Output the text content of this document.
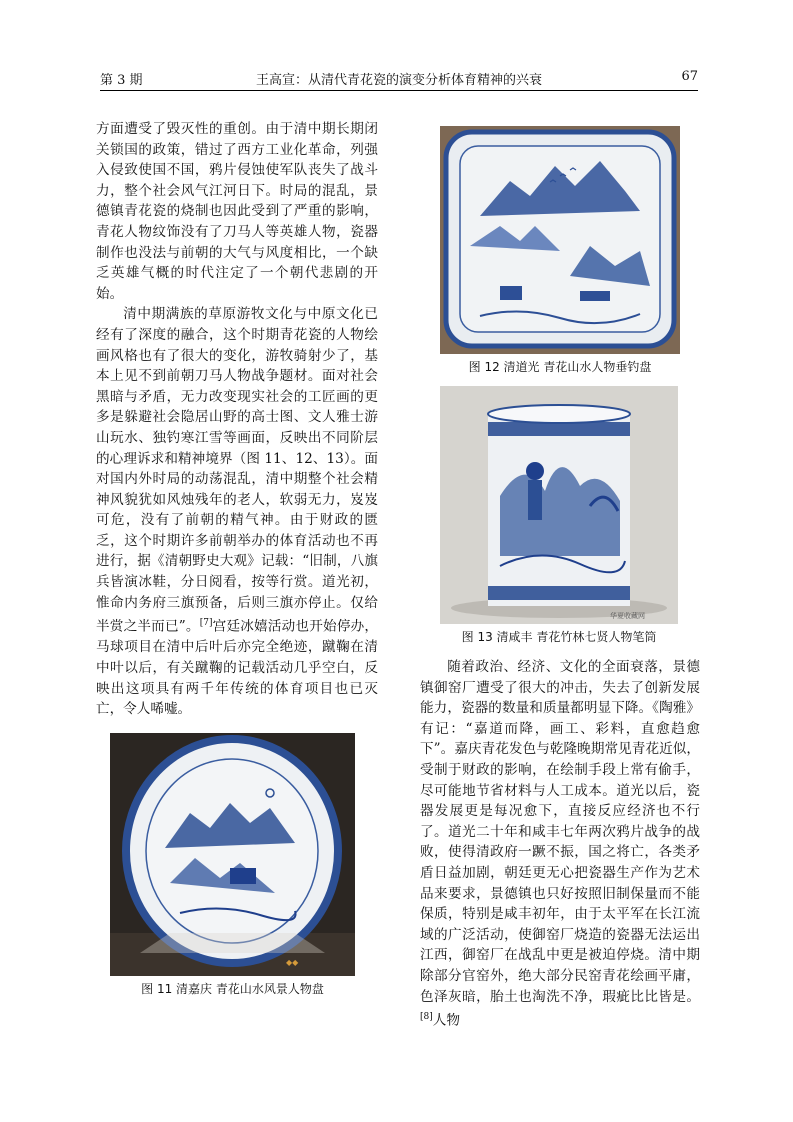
第 3 期	王高宣：从清代青花瓷的演变分析体育精神的兴衰	67

方面遭受了毁灭性的重创。由于清中期长期闭关锁国的政策，错过了西方工业化革命，列强入侵致使国不国，鸦片侵蚀使军队丧失了战斗力，整个社会风气江河日下。时局的混乱，景德镇青花瓷的烧制也因此受到了严重的影响，青花人物纹饰没有了刀马人等英雄人物，瓷器制作也没法与前朝的大气与风度相比，一个缺乏英雄气概的时代注定了一个朝代悲剧的开始。

清中期满族的草原游牧文化与中原文化已经有了深度的融合，这个时期青花瓷的人物绘画风格也有了很大的变化，游牧骑射少了，基本上见不到前朝刀马人物战争题材。面对社会黑暗与矛盾，无力改变现实社会的工匠画的更多是躲避社会隐居山野的高士图、文人雅士游山玩水、独钓寒江雪等画面，反映出不同阶层的心理诉求和精神境界（图 11、12、13）。面对国内外时局的动荡混乱，清中期整个社会精神风貌犹如风烛残年的老人，软弱无力，岌岌可危，没有了前朝的精气神。由于财政的匮乏，这个时期许多前朝举办的体育活动也不再进行，据《清朝野史大观》记载：“旧制，八旗兵皆演冰鞋，分日阅看，按等行赏。道光初，惟命内务府三旗预备，后则三旗亦停止。仅给半赏之半而已”。[7]宫廷冰嬉活动也开始停办，马球项目在清中后叶后亦完全绝迹，蹴鞠在清中叶以后，有关蹴鞠的记载活动几乎空白，反映出这项具有两千年传统的体育项目也已灭亡，令人唏嘘。

图 12 清道光 青花山水人物垂钓盘
华夏收藏网
图 13 清咸丰 青花竹林七贤人物笔筒

随着政治、经济、文化的全面衰落，景德镇御窑厂遭受了很大的冲击，失去了创新发展能力，瓷器的数量和质量都明显下降。《陶雅》有记：“嘉道而降，画工、彩料，直愈趋愈下”。嘉庆青花发色与乾隆晚期常见青花近似，受制于财政的影响，在绘制手段上常有偷手，尽可能地节省材料与人工成本。道光以后，瓷器发展更是每况愈下，直接反应经济也不行了。道光二十年和咸丰七年两次鸦片战争的战败，使得清政府一蹶不振，国之将亡，各类矛盾日益加剧，朝廷更无心把瓷器生产作为艺术品来要求，景德镇也只好按照旧制保量而不能保质，特别是咸丰初年，由于太平军在长江流域的广泛活动，使御窑厂烧造的瓷器无法运出江西，御窑厂在战乱中更是被迫停烧。清中期除部分官窑外，绝大部分民窑青花绘画平庸，色泽灰暗，胎土也淘洗不净，瑕疵比比皆是。[8]人物

◆◆
图 11 清嘉庆 青花山水风景人物盘
